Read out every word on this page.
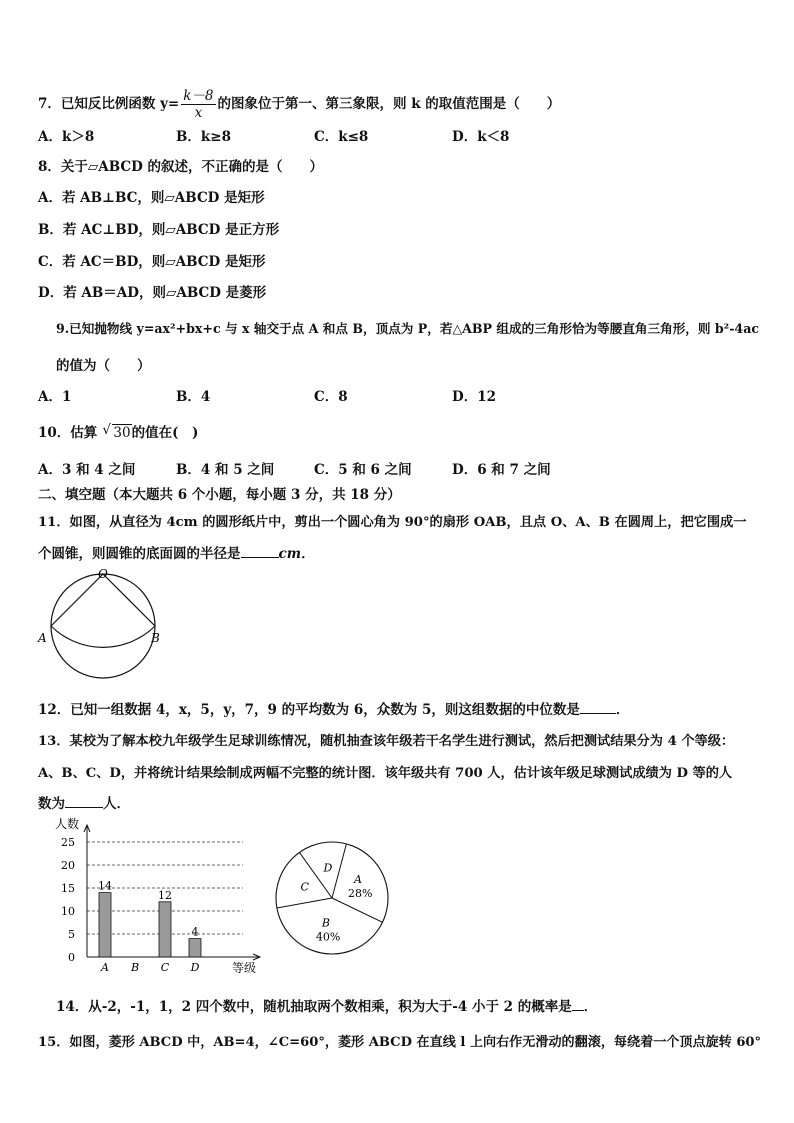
7．已知反比例函数 $y= \frac{k-8}{x}$ 的图象位于第一、第三象限，则 k 的取值范围是（　　）
A．k＞8	B．k≥8	C．k≤8	D．k＜8
8．关于▱ABCD 的叙述，不正确的是（　　）
A．若 AB⊥BC，则▱ABCD 是矩形
B．若 AC⊥BD，则▱ABCD 是正方形
C．若 AC＝BD，则▱ABCD 是矩形
D．若 AB＝AD，则▱ABCD 是菱形
9.已知抛物线 y=ax²+bx+c 与 x 轴交于点 A 和点 B，顶点为 P，若△ABP 组成的三角形恰为等腰直角三角形，则 b²-4ac
的值为（　　）
A．1	B．4	C．8	D．12
10．估算   √ 30的值在(　)
A．3 和 4 之间	B．4 和 5 之间	C．5 和 6 之间	D．6 和 7 之间
二、填空题（本大题共 6 个小题，每小题 3 分，共 18 分）
11．如图，从直径为 4cm 的圆形纸片中，剪出一个圆心角为 90°的扇形 OAB，且点 O、A、B 在圆周上，把它围成一
个圆锥，则圆锥的底面圆的半径是	cm．
O
A	B
12．已知一组数据 4，x，5，y，7，9 的平均数为 6，众数为 5，则这组数据的中位数是	．
13．某校为了解本校九年级学生足球训练情况，随机抽查该年级若干名学生进行测试，然后把测试结果分为 4 个等级：
A、B、C、D，并将统计结果绘制成两幅不完整的统计图．该年级共有 700 人，估计该年级足球测试成绩为 D 等的人
数为	人．
人数
等级
0
5
10
15
20
25
14
A B
12
C
4
D
A
28%
B
40%
C
D
14．从-2，-1，1，2 四个数中，随机抽取两个数相乘，积为大于-4 小于 2 的概率是 ．
15．如图，菱形 ABCD 中，AB=4，∠C=60°，菱形 ABCD 在直线 l 上向右作无滑动的翻滚，每绕着一个顶点旋转 60°
